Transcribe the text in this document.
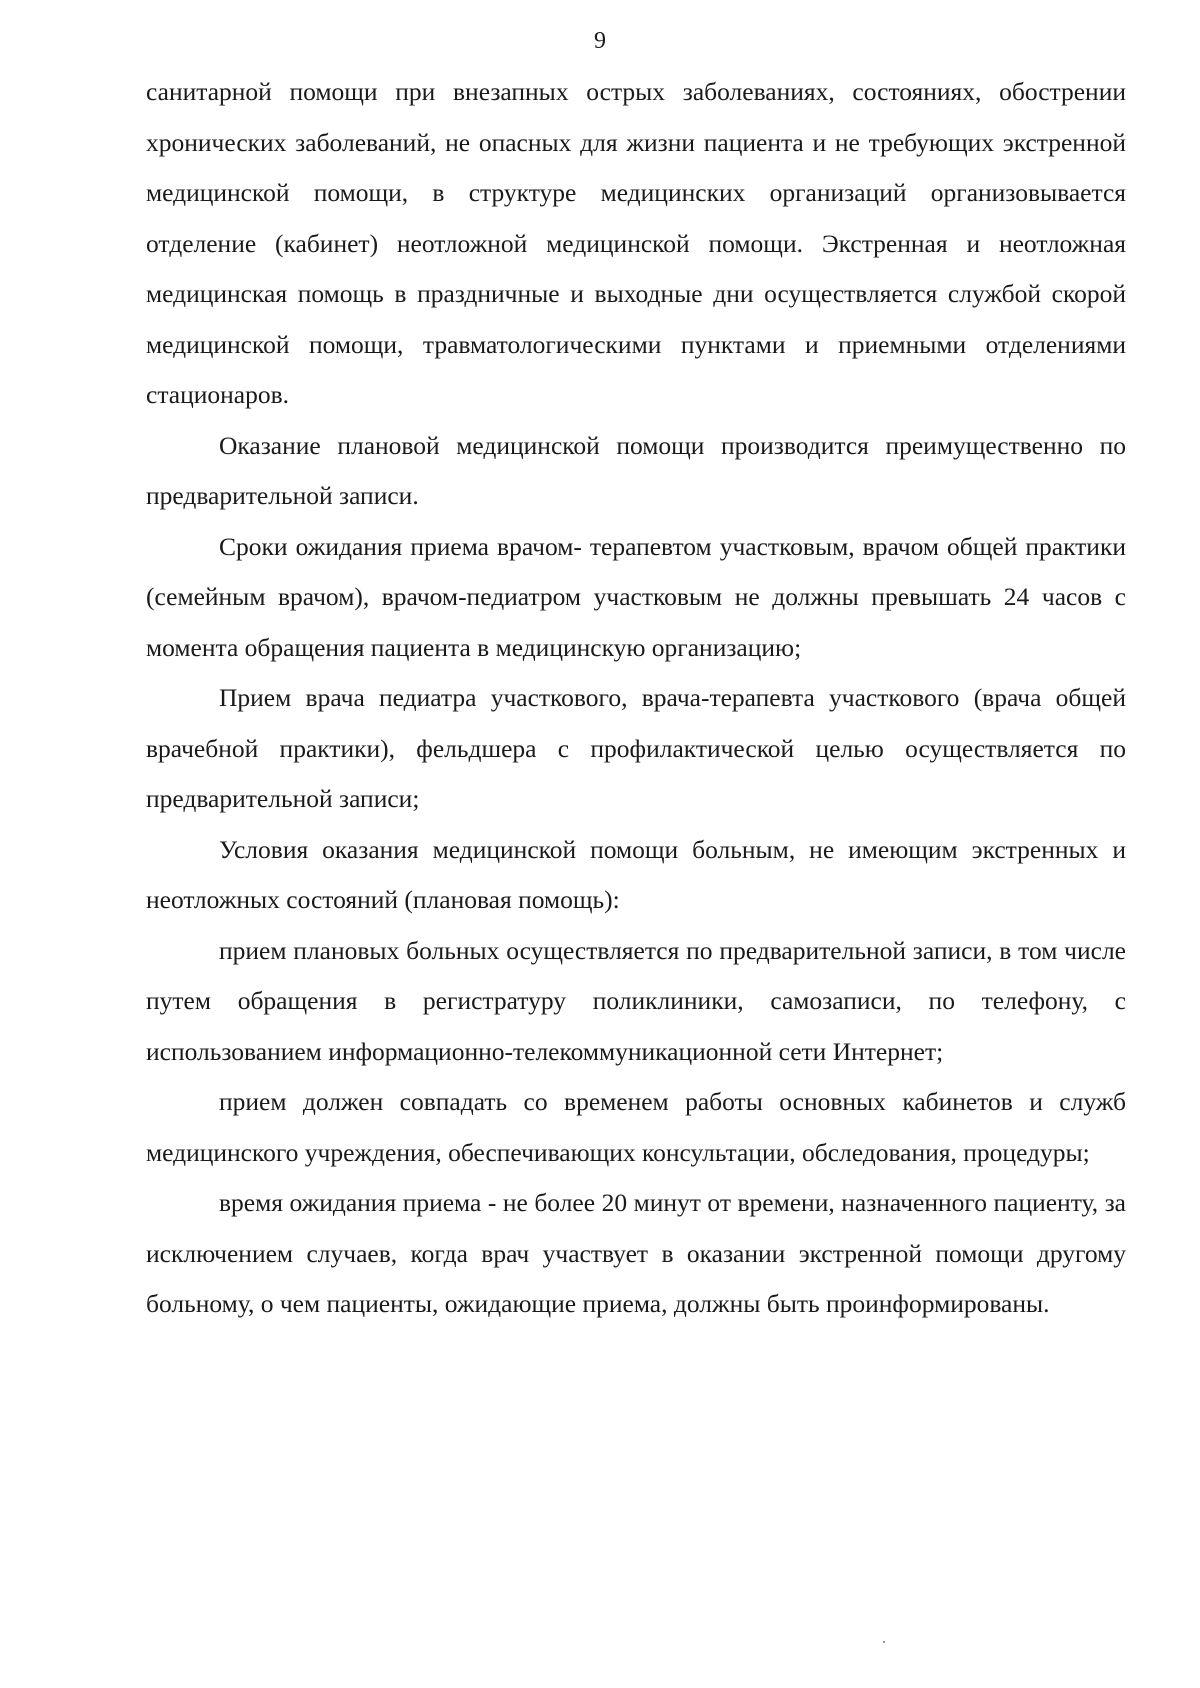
9

санитарной помощи при внезапных острых заболеваниях, состояниях, обострении хронических заболеваний, не опасных для жизни пациента и не требующих экстренной медицинской помощи, в структуре медицинских организаций организовывается отделение (кабинет) неотложной медицинской помощи. Экстренная и неотложная медицинская помощь в праздничные и выходные дни осуществляется службой скорой медицинской помощи, травматологическими пунктами и приемными отделениями стационаров.

Оказание плановой медицинской помощи производится преимущественно по предварительной записи.

Сроки ожидания приема врачом- терапевтом участковым, врачом общей практики (семейным врачом), врачом-педиатром участковым не должны превышать 24 часов с момента обращения пациента в медицинскую организацию;

Прием врача педиатра участкового, врача-терапевта участкового (врача общей врачебной практики), фельдшера с профилактической целью осуществляется по предварительной записи;

Условия оказания медицинской помощи больным, не имеющим экстренных и неотложных состояний (плановая помощь):

прием плановых больных осуществляется по предварительной записи, в том числе путем обращения в регистратуру поликлиники, самозаписи, по телефону, с использованием информационно-телекоммуникационной сети Интернет;

прием должен совпадать со временем работы основных кабинетов и служб медицинского учреждения, обеспечивающих консультации, обследования, процедуры;

время ожидания приема - не более 20 минут от времени, назначенного пациенту, за исключением случаев, когда врач участвует в оказании экстренной помощи другому больному, о чем пациенты, ожидающие приема, должны быть проинформированы.
